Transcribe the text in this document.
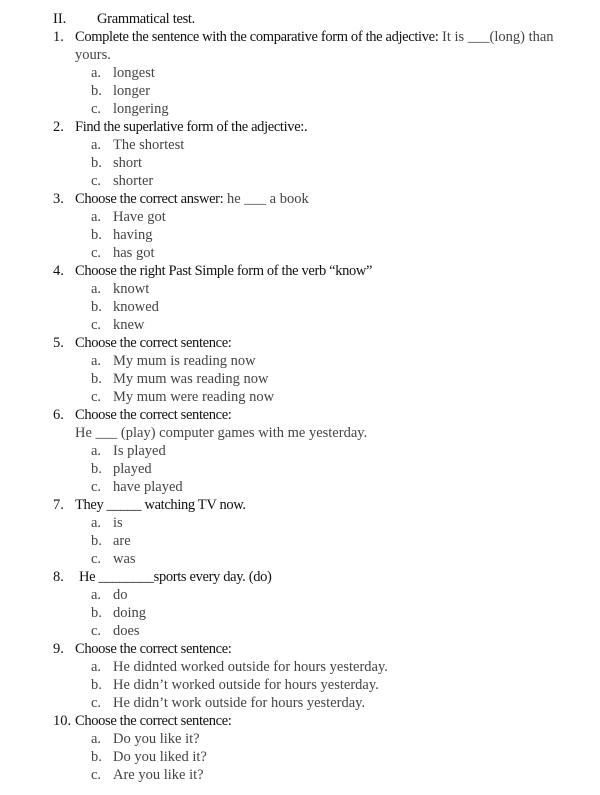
II. Grammatical test.
1. Complete the sentence with the comparative form of the adjective: It is ___(long) than
yours.
a. longest
b. longer
c. longering
2. Find the superlative form of the adjective:.
a. The shortest
b. short
c. shorter
3. Choose the correct answer: he ___ a book
a. Have got
b. having
c. has got
4. Choose the right Past Simple form of the verb “know”
a. knowt
b. knowed
c. knew
5. Choose the correct sentence:
a. My mum is reading now
b. My mum was reading now
c. My mum were reading now
6. Choose the correct sentence:
He ___ (play) computer games with me yesterday.
a. Is played
b. played
c. have played
7. They _____ watching TV now.
a. is
b. are
c. was
8. He ________sports every day. (do)
a. do
b. doing
c. does
9. Choose the correct sentence:
a. He didnted worked outside for hours yesterday.
b. He didn’t worked outside for hours yesterday.
c. He didn’t work outside for hours yesterday.
10. Choose the correct sentence:
a. Do you like it?
b. Do you liked it?
c. Are you like it?
